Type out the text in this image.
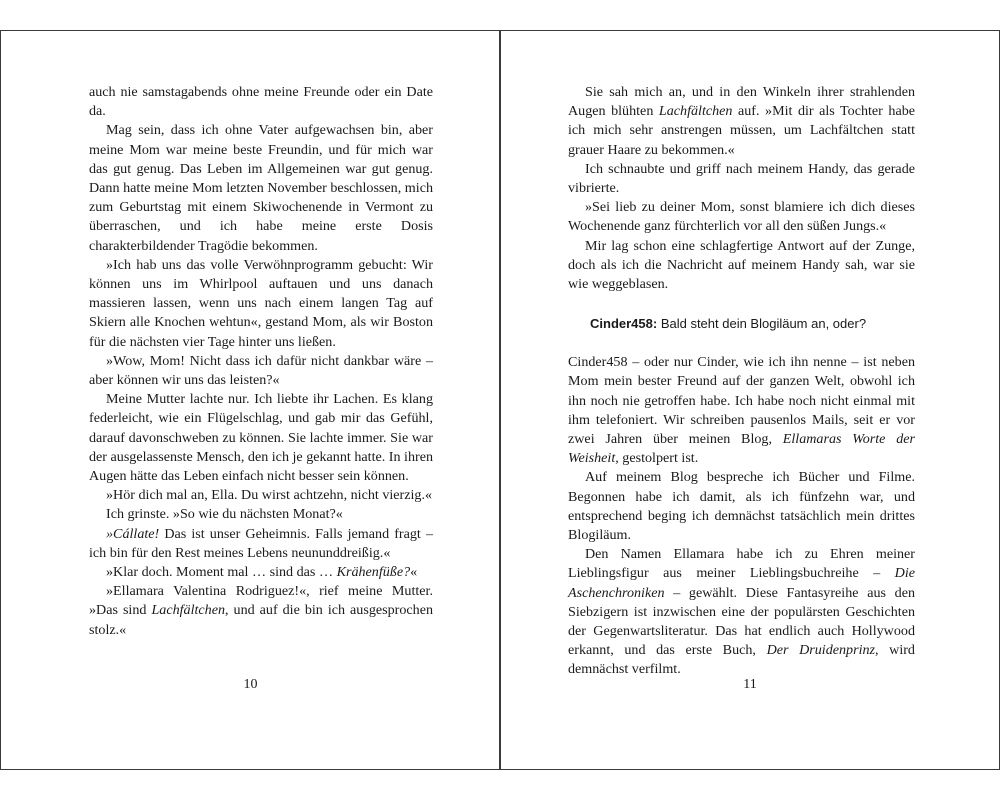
auch nie samstagabends ohne meine Freunde oder ein Date da.

Mag sein, dass ich ohne Vater aufgewachsen bin, aber meine Mom war meine beste Freundin, und für mich war das gut genug. Das Leben im Allgemeinen war gut genug. Dann hatte meine Mom letzten November beschlossen, mich zum Geburtstag mit einem Skiwochenende in Vermont zu überraschen, und ich habe meine erste Dosis charakterbildender Tragödie bekommen.

»Ich hab uns das volle Verwöhnprogramm gebucht: Wir können uns im Whirlpool auftauen und uns danach massieren lassen, wenn uns nach einem langen Tag auf Skiern alle Knochen wehtun«, gestand Mom, als wir Boston für die nächsten vier Tage hinter uns ließen.

»Wow, Mom! Nicht dass ich dafür nicht dankbar wäre – aber können wir uns das leisten?«

Meine Mutter lachte nur. Ich liebte ihr Lachen. Es klang federleicht, wie ein Flügelschlag, und gab mir das Gefühl, darauf davonschweben zu können. Sie lachte immer. Sie war der ausgelassenste Mensch, den ich je gekannt hatte. In ihren Augen hätte das Leben einfach nicht besser sein können.

»Hör dich mal an, Ella. Du wirst achtzehn, nicht vierzig.«

Ich grinste. »So wie du nächsten Monat?«

»Cállate! Das ist unser Geheimnis. Falls jemand fragt – ich bin für den Rest meines Lebens neununddreißig.«

»Klar doch. Moment mal … sind das … Krähenfüße?«

»Ellamara Valentina Rodriguez!«, rief meine Mutter. »Das sind Lachfältchen, und auf die bin ich ausgesprochen stolz.«

10

Sie sah mich an, und in den Winkeln ihrer strahlenden Augen blühten Lachfältchen auf. »Mit dir als Tochter habe ich mich sehr anstrengen müssen, um Lachfältchen statt grauer Haare zu bekommen.«

Ich schnaubte und griff nach meinem Handy, das gerade vibrierte.

»Sei lieb zu deiner Mom, sonst blamiere ich dich dieses Wochenende ganz fürchterlich vor all den süßen Jungs.«

Mir lag schon eine schlagfertige Antwort auf der Zunge, doch als ich die Nachricht auf meinem Handy sah, war sie wie weggeblasen.

Cinder458: Bald steht dein Blogiläum an, oder?

Cinder458 – oder nur Cinder, wie ich ihn nenne – ist neben Mom mein bester Freund auf der ganzen Welt, obwohl ich ihn noch nie getroffen habe. Ich habe noch nicht einmal mit ihm telefoniert. Wir schreiben pausenlos Mails, seit er vor zwei Jahren über meinen Blog, Ellamaras Worte der Weisheit, gestolpert ist.

Auf meinem Blog bespreche ich Bücher und Filme. Begonnen habe ich damit, als ich fünfzehn war, und entsprechend beging ich demnächst tatsächlich mein drittes Blogiläum.

Den Namen Ellamara habe ich zu Ehren meiner Lieblingsfigur aus meiner Lieblingsbuchreihe – Die Aschenchroniken – gewählt. Diese Fantasyreihe aus den Siebzigern ist inzwischen eine der populärsten Geschichten der Gegenwartsliteratur. Das hat endlich auch Hollywood erkannt, und das erste Buch, Der Druidenprinz, wird demnächst verfilmt.

11
